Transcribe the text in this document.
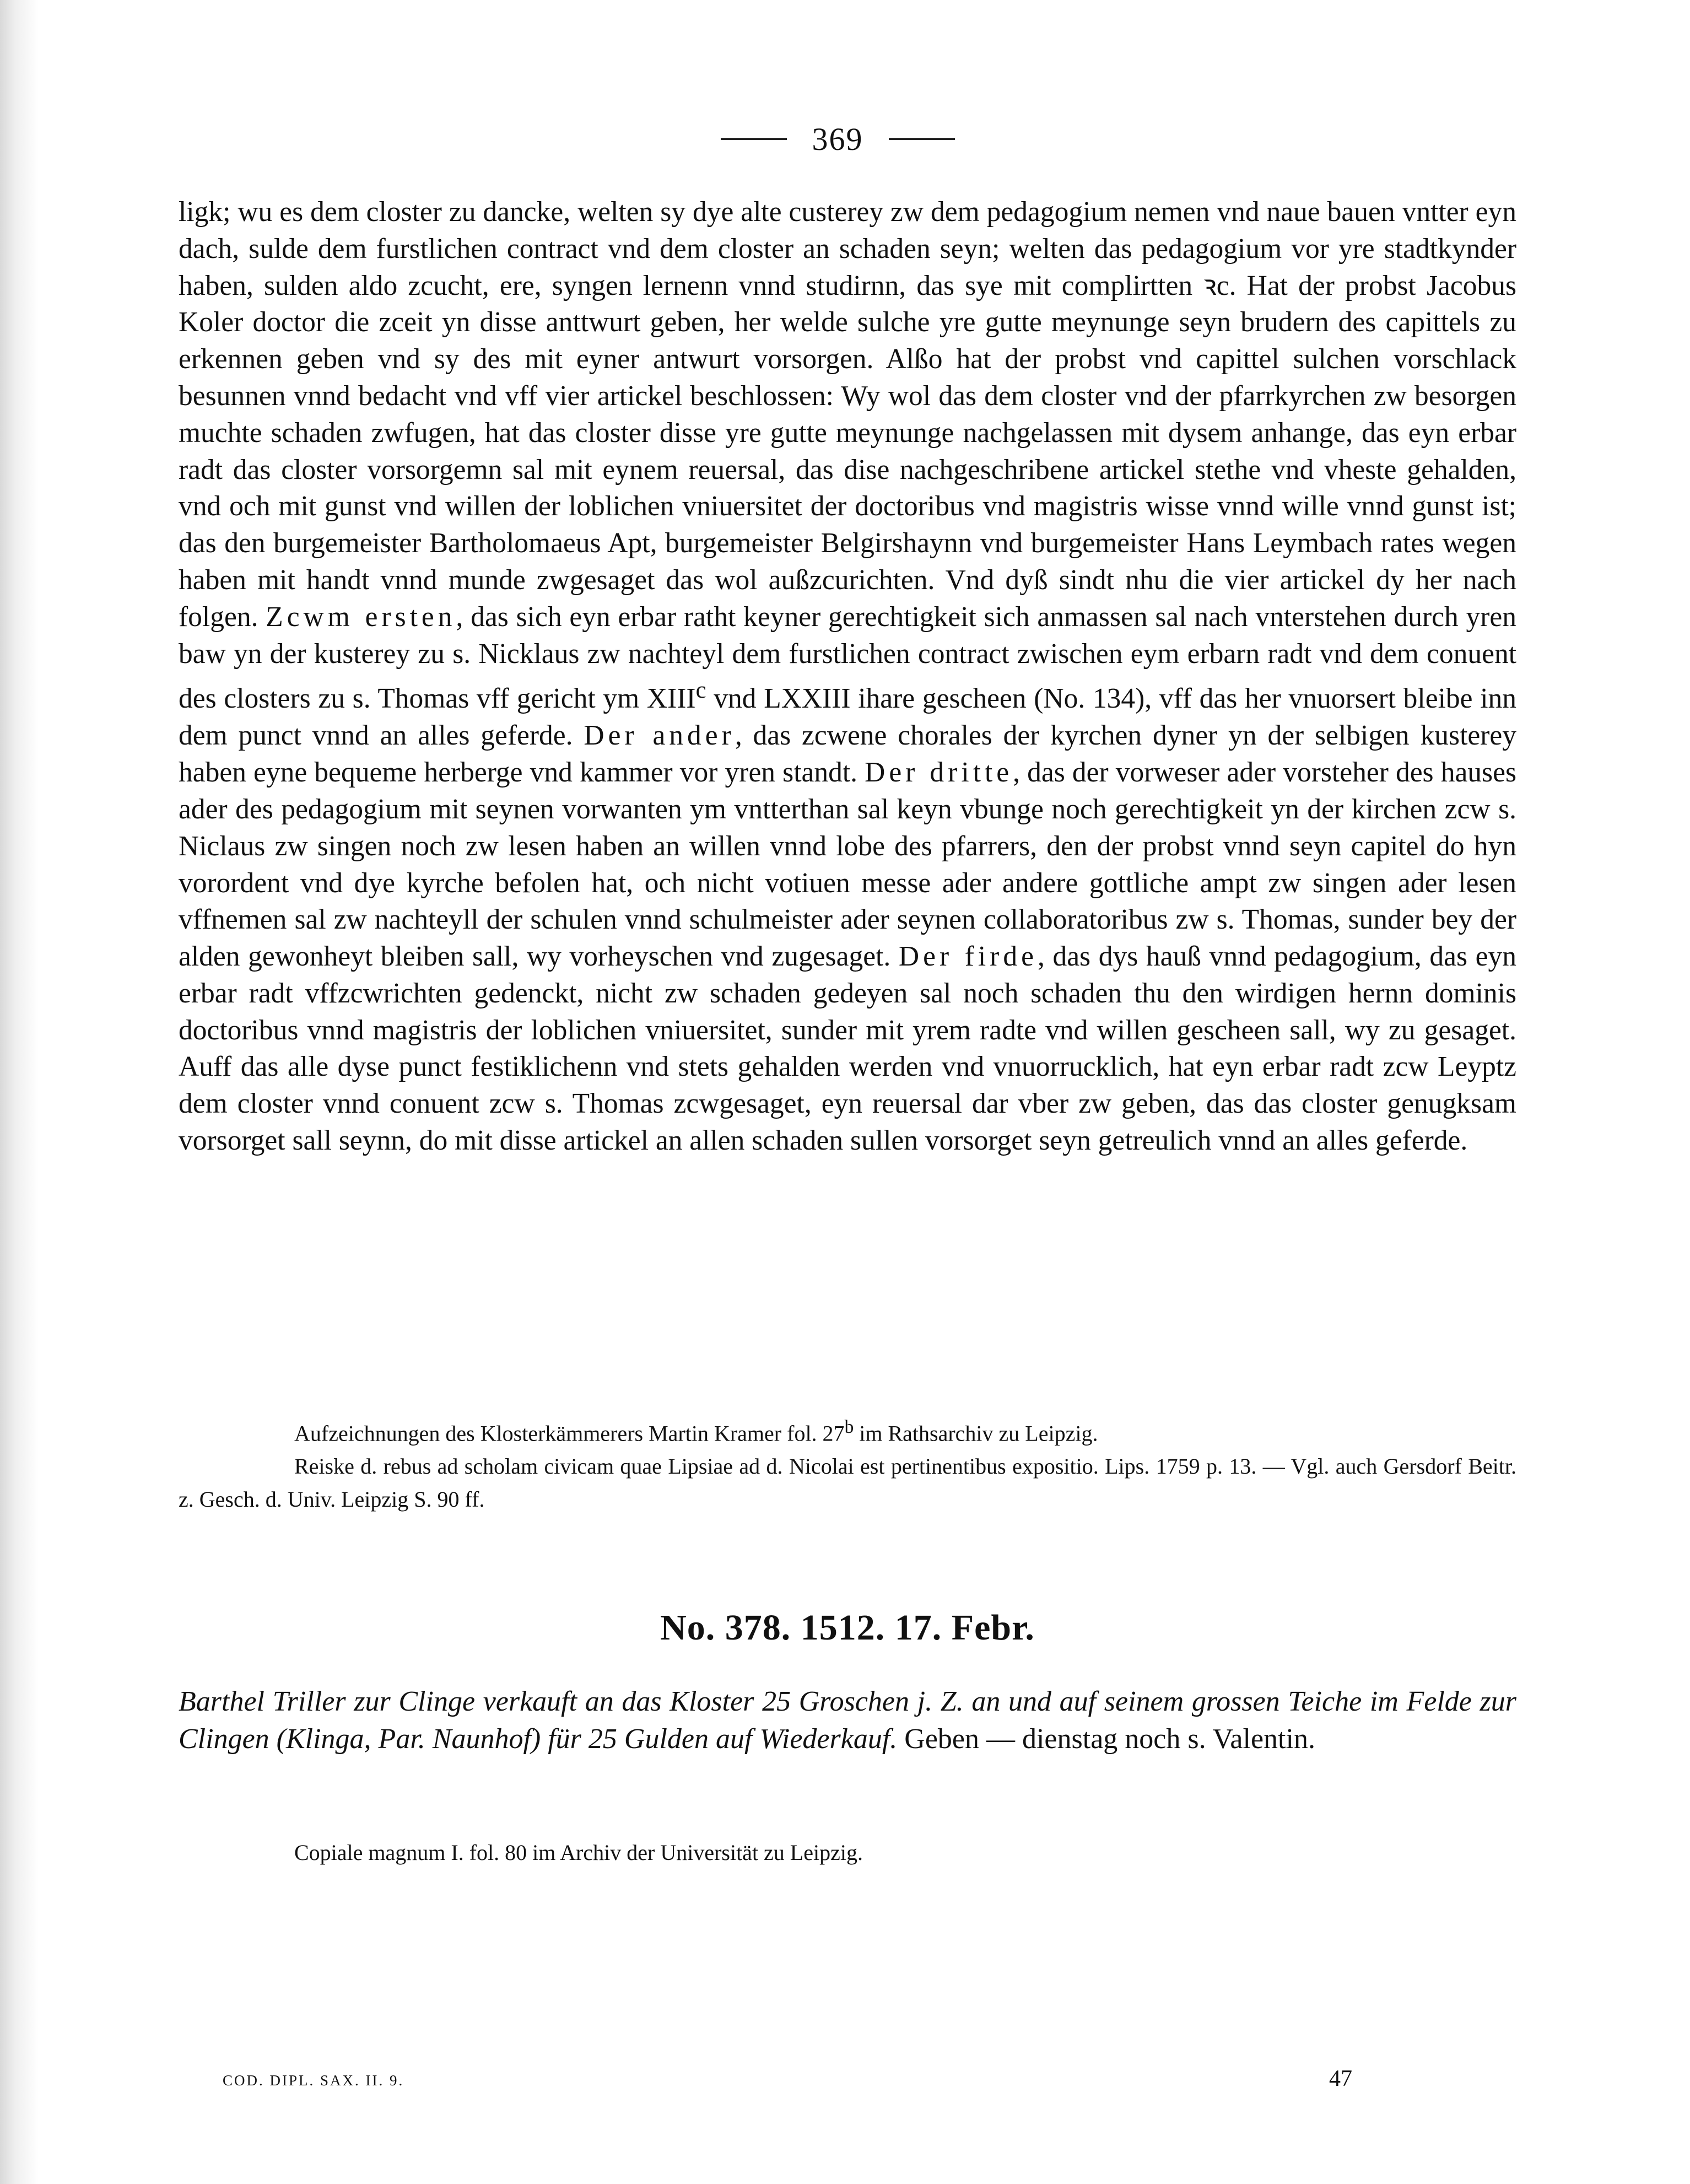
369

ligk; wu es dem closter zu dancke, welten sy dye alte custerey zw dem pedagogium nemen vnd naue bauen vntter eyn dach, sulde dem furstlichen contract vnd dem closter an schaden seyn; welten das pedagogium vor yre stadtkynder haben, sulden aldo zcucht, ere, syngen lernenn vnnd studirnn, das sye mit complirtten ꝛc. Hat der probst Jacobus Koler doctor die zceit yn disse anttwurt geben, her welde sulche yre gutte meynunge seyn brudern des capittels zu erkennen geben vnd sy des mit eyner antwurt vorsorgen. Alßo hat der probst vnd capittel sulchen vorschlack besunnen vnnd bedacht vnd vff vier artickel beschlossen: Wy wol das dem closter vnd der pfarrkyrchen zw besorgen muchte schaden zwfugen, hat das closter disse yre gutte meynunge nachgelassen mit dysem anhange, das eyn erbar radt das closter vorsorgemn sal mit eynem reuersal, das dise nachgeschribene artickel stethe vnd vheste gehalden, vnd och mit gunst vnd willen der loblichen vniuersitet der doctoribus vnd magistris wisse vnnd wille vnnd gunst ist; das den burgemeister Bartholomaeus Apt, burgemeister Belgirshaynn vnd burgemeister Hans Leymbach rates wegen haben mit handt vnnd munde zwgesaget das wol außzcurichten. Vnd dyß sindt nhu die vier artickel dy her nach folgen. Zcwm ersten, das sich eyn erbar ratht keyner gerechtigkeit sich anmassen sal nach vnterstehen durch yren baw yn der kusterey zu s. Nicklaus zw nachteyl dem furstlichen contract zwischen eym erbarn radt vnd dem conuent des closters zu s. Thomas vff gericht ym XIII$^c$ vnd LXXIII ihare gescheen (No. 134), vff das her vnuorsert bleibe inn dem punct vnnd an alles geferde. Der ander, das zcwene chorales der kyrchen dyner yn der selbigen kusterey haben eyne bequeme herberge vnd kammer vor yren standt. Der dritte, das der vorweser ader vorsteher des hauses ader des pedagogium mit seynen vorwanten ym vntterthan sal keyn vbunge noch gerechtigkeit yn der kirchen zcw s. Niclaus zw singen noch zw lesen haben an willen vnnd lobe des pfarrers, den der probst vnnd seyn capitel do hyn vorordent vnd dye kyrche befolen hat, och nicht votiuen messe ader andere gottliche ampt zw singen ader lesen vffnemen sal zw nachteyll der schulen vnnd schulmeister ader seynen collaboratoribus zw s. Thomas, sunder bey der alden gewonheyt bleiben sall, wy vorheyschen vnd zugesaget. Der firde, das dys hauß vnnd pedagogium, das eyn erbar radt vffzcwrichten gedenckt, nicht zw schaden gedeyen sal noch schaden thu den wirdigen hernn dominis doctoribus vnnd magistris der loblichen vniuersitet, sunder mit yrem radte vnd willen gescheen sall, wy zu gesaget. Auff das alle dyse punct festiklichenn vnd stets gehalden werden vnd vnuorrucklich, hat eyn erbar radt zcw Leyptz dem closter vnnd conuent zcw s. Thomas zcwgesaget, eyn reuersal dar vber zw geben, das das closter genugksam vorsorget sall seynn, do mit disse artickel an allen schaden sullen vorsorget seyn getreulich vnnd an alles geferde.

Aufzeichnungen des Klosterkämmerers Martin Kramer fol. 27$^b$ im Rathsarchiv zu Leipzig.

Reiske d. rebus ad scholam civicam quae Lipsiae ad d. Nicolai est pertinentibus expositio. Lips. 1759 p. 13. — Vgl. auch Gersdorf Beitr. z. Gesch. d. Univ. Leipzig S. 90 ff.

No. 378. 1512. 17. Febr.

Barthel Triller zur Clinge verkauft an das Kloster 25 Groschen j. Z. an und auf seinem grossen Teiche im Felde zur Clingen (Klinga, Par. Naunhof) für 25 Gulden auf Wiederkauf. Geben — dienstag noch s. Valentin.

Copiale magnum I. fol. 80 im Archiv der Universität zu Leipzig.

COD. DIPL. SAX. II. 9.	47
